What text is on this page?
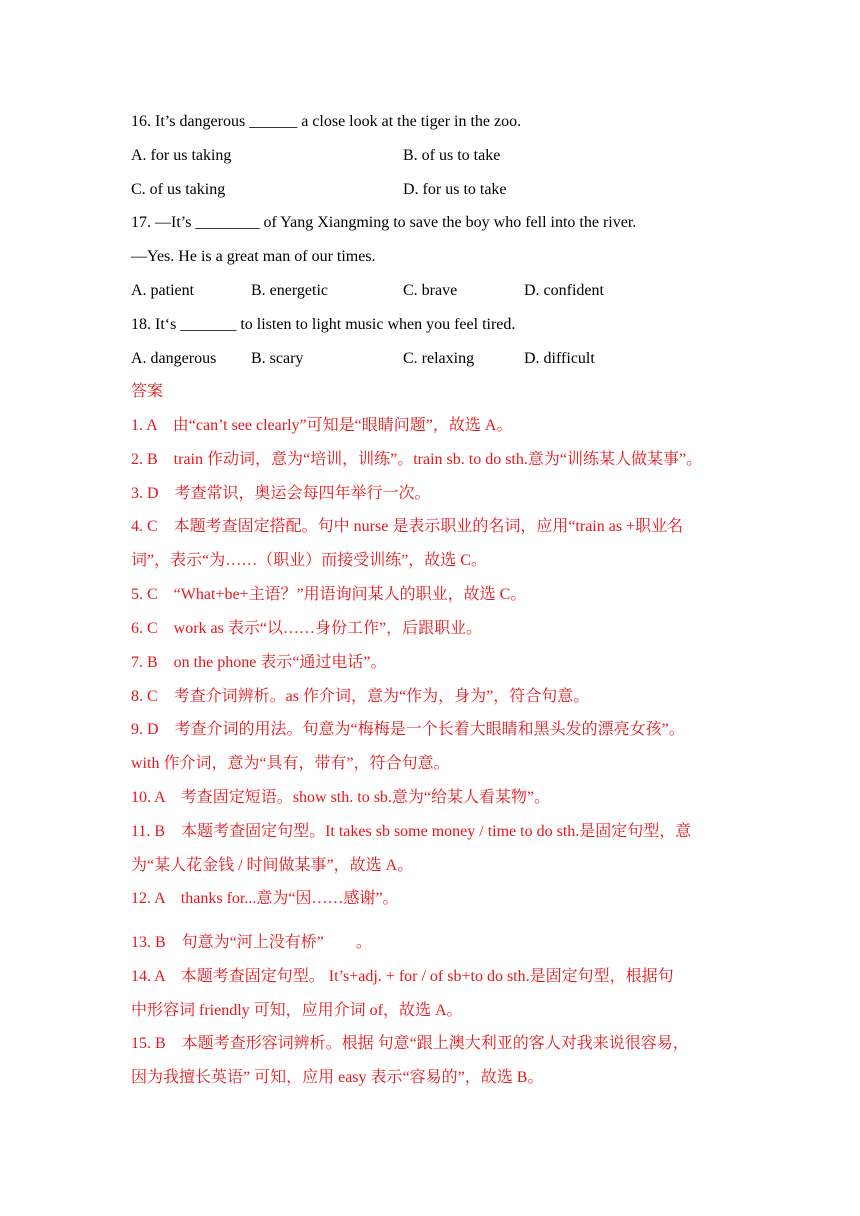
16. It’s dangerous ______ a close look at the tiger in the zoo.
A. for us taking	B. of us to take
C. of us taking	D. for us to take
17. —It’s ________ of Yang Xiangming to save the boy who fell into the river.
—Yes. He is a great man of our times.
A. patient	B. energetic	C. brave	D. confident
18. It‘s _______ to listen to light music when you feel tired.
A. dangerous B. scary	C. relaxing	D. difficult
答案
1. A　由“can’t see clearly”可知是“眼睛问题”，故选 A。
2. B　train 作动词，意为“培训，训练”。train sb. to do sth.意为“训练某人做某事”。
3. D　考查常识，奥运会每四年举行一次。
4. C　本题考查固定搭配。句中 nurse 是表示职业的名词，应用“train as +职业名
词”，表示“为……（职业）而接受训练”，故选 C。
5. C　“What+be+主语？”用语询问某人的职业，故选 C。
6. C　work as 表示“以……身份工作”，后跟职业。
7. B　on the phone 表示“通过电话”。
8. C　考查介词辨析。as 作介词，意为“作为，身为”，符合句意。
9. D　考查介词的用法。句意为“梅梅是一个长着大眼睛和黑头发的漂亮女孩”。
with 作介词，意为“具有，带有”，符合句意。
10. A　考查固定短语。show sth. to sb.意为“给某人看某物”。
11. B　本题考查固定句型。It takes sb some money / time to do sth.是固定句型，意
为“某人花金钱 / 时间做某事”，故选 A。
12. A　thanks for...意为“因……感谢”。
13. B　句意为“河上没有桥”　　。
14. A　本题考查固定句型。 It’s+adj. + for / of sb+to do sth.是固定句型，根据句
中形容词 friendly 可知，应用介词 of，故选 A。
15. B　本题考查形容词辨析。根据 句意“跟上澳大利亚的客人对我来说很容易，
因为我擅长英语” 可知，应用 easy 表示“容易的”，故选 B。
